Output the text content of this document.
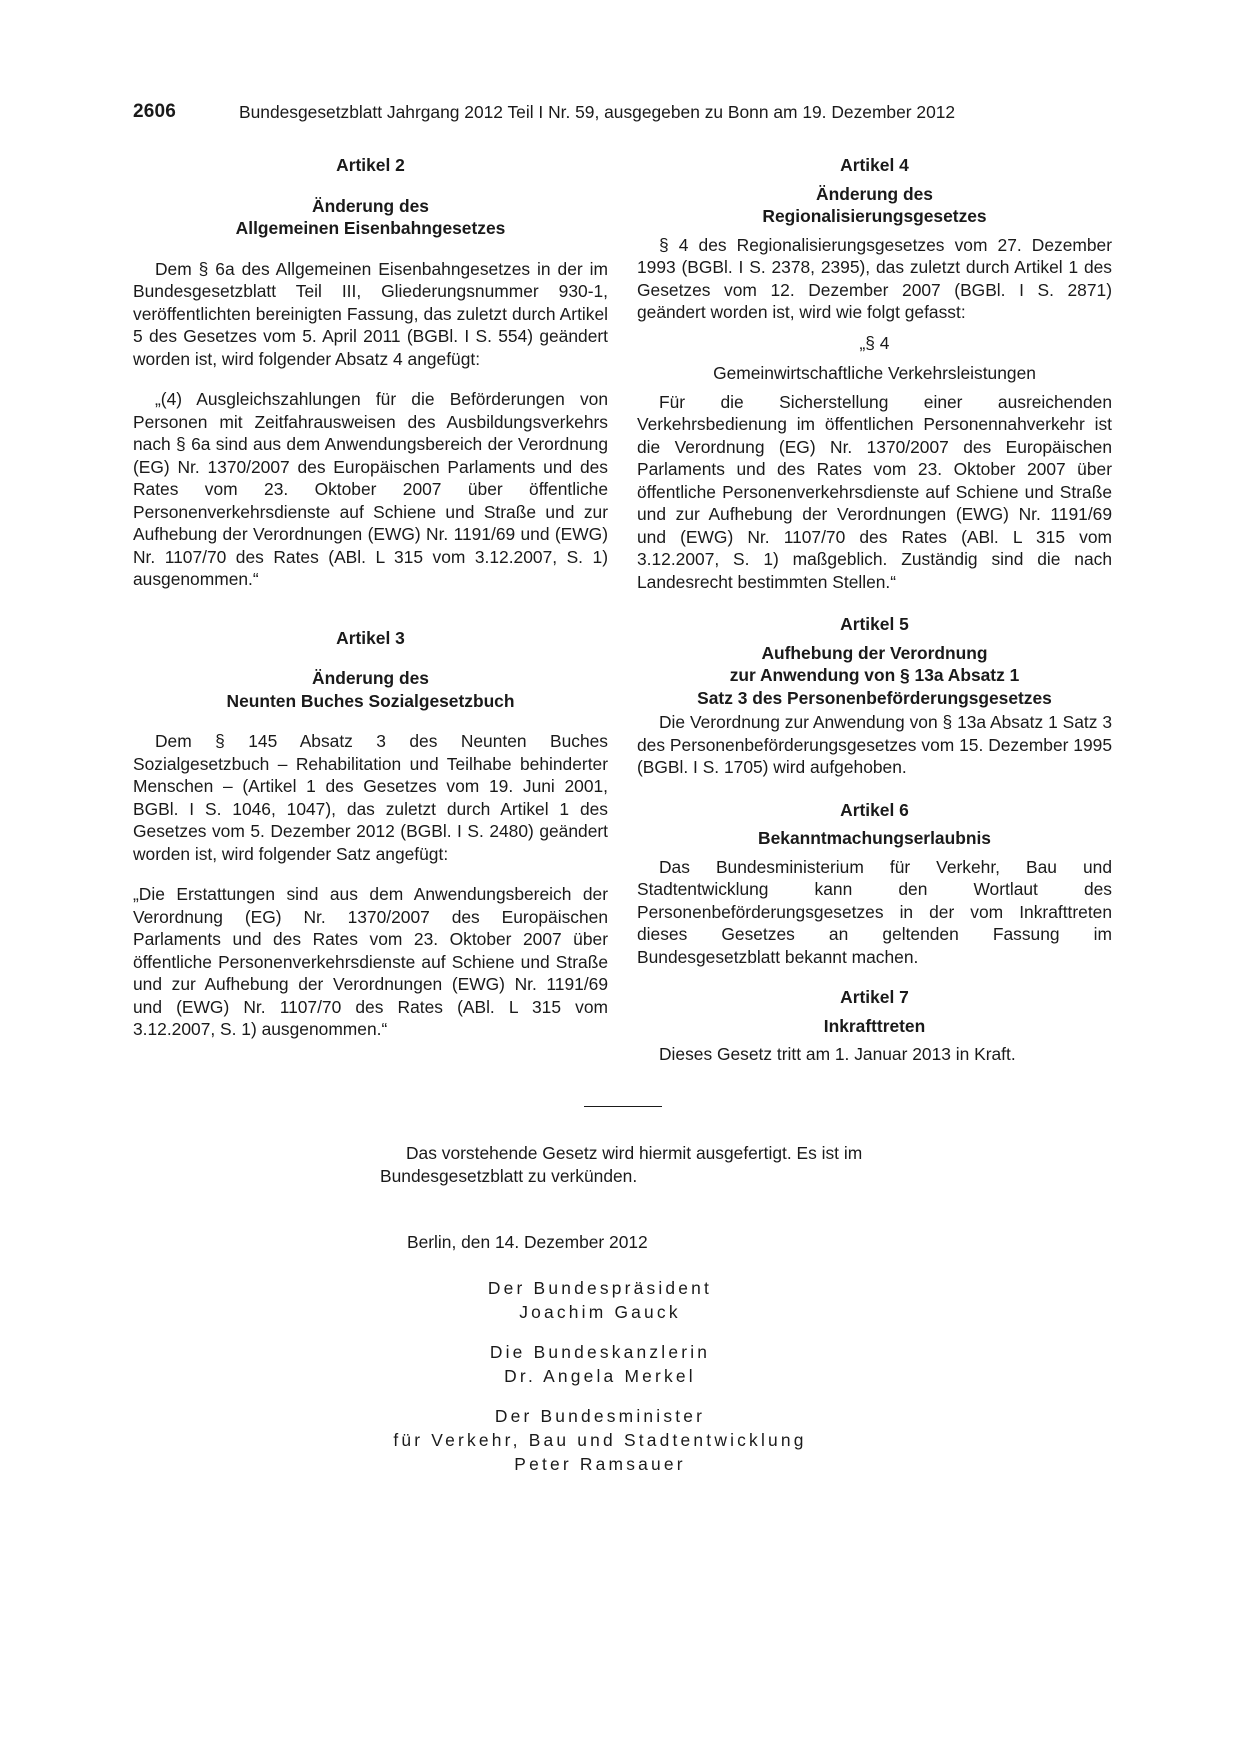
2606	Bundesgesetzblatt Jahrgang 2012 Teil I Nr. 59, ausgegeben zu Bonn am 19. Dezember 2012

Artikel 2

Änderung des

Allgemeinen Eisenbahngesetzes

Dem § 6a des Allgemeinen Eisenbahngesetzes in der im Bundesgesetzblatt Teil III, Gliederungsnummer 930-1, veröffentlichten bereinigten Fassung, das zuletzt durch Artikel 5 des Gesetzes vom 5. April 2011 (BGBl. I S. 554) geändert worden ist, wird folgender Absatz 4 angefügt:

„(4) Ausgleichszahlungen für die Beförderungen von Personen mit Zeitfahrausweisen des Ausbildungsverkehrs nach § 6a sind aus dem Anwendungsbereich der Verordnung (EG) Nr. 1370/2007 des Europäischen Parlaments und des Rates vom 23. Oktober 2007 über öffentliche Personenverkehrsdienste auf Schiene und Straße und zur Aufhebung der Verordnungen (EWG) Nr. 1191/69 und (EWG) Nr. 1107/70 des Rates (ABl. L 315 vom 3.12.2007, S. 1) ausgenommen.“

Artikel 3

Änderung des

Neunten Buches Sozialgesetzbuch

Dem § 145 Absatz 3 des Neunten Buches Sozialgesetzbuch – Rehabilitation und Teilhabe behinderter Menschen – (Artikel 1 des Gesetzes vom 19. Juni 2001, BGBl. I S. 1046, 1047), das zuletzt durch Artikel 1 des Gesetzes vom 5. Dezember 2012 (BGBl. I S. 2480) geändert worden ist, wird folgender Satz angefügt:

„Die Erstattungen sind aus dem Anwendungsbereich der Verordnung (EG) Nr. 1370/2007 des Europäischen Parlaments und des Rates vom 23. Oktober 2007 über öffentliche Personenverkehrsdienste auf Schiene und Straße und zur Aufhebung der Verordnungen (EWG) Nr. 1191/69 und (EWG) Nr. 1107/70 des Rates (ABl. L 315 vom 3.12.2007, S. 1) ausgenommen.“

Artikel 4

Änderung des

Regionalisierungsgesetzes

§ 4 des Regionalisierungsgesetzes vom 27. Dezember 1993 (BGBl. I S. 2378, 2395), das zuletzt durch Artikel 1 des Gesetzes vom 12. Dezember 2007 (BGBl. I S. 2871) geändert worden ist, wird wie folgt gefasst:

„§ 4

Gemeinwirtschaftliche Verkehrsleistungen

Für die Sicherstellung einer ausreichenden Verkehrsbedienung im öffentlichen Personennahverkehr ist die Verordnung (EG) Nr. 1370/2007 des Europäischen Parlaments und des Rates vom 23. Oktober 2007 über öffentliche Personenverkehrsdienste auf Schiene und Straße und zur Aufhebung der Verordnungen (EWG) Nr. 1191/69 und (EWG) Nr. 1107/70 des Rates (ABl. L 315 vom 3.12.2007, S. 1) maßgeblich. Zuständig sind die nach Landesrecht bestimmten Stellen.“

Artikel 5

Aufhebung der Verordnung

zur Anwendung von § 13a Absatz 1

Satz 3 des Personenbeförderungsgesetzes

Die Verordnung zur Anwendung von § 13a Absatz 1 Satz 3 des Personenbeförderungsgesetzes vom 15. Dezember 1995 (BGBl. I S. 1705) wird aufgehoben.

Artikel 6

Bekanntmachungserlaubnis

Das Bundesministerium für Verkehr, Bau und Stadtentwicklung kann den Wortlaut des Personenbeförderungsgesetzes in der vom Inkrafttreten dieses Gesetzes an geltenden Fassung im Bundesgesetzblatt bekannt machen.

Artikel 7

Inkrafttreten

Dieses Gesetz tritt am 1. Januar 2013 in Kraft.

Das vorstehende Gesetz wird hiermit ausgefertigt. Es ist im Bundesgesetzblatt zu verkünden.

Berlin, den 14. Dezember 2012
Der Bundespräsident
Joachim Gauck
Die Bundeskanzlerin
Dr. Angela Merkel
Der Bundesminister
für Verkehr, Bau und Stadtentwicklung
Peter Ramsauer
